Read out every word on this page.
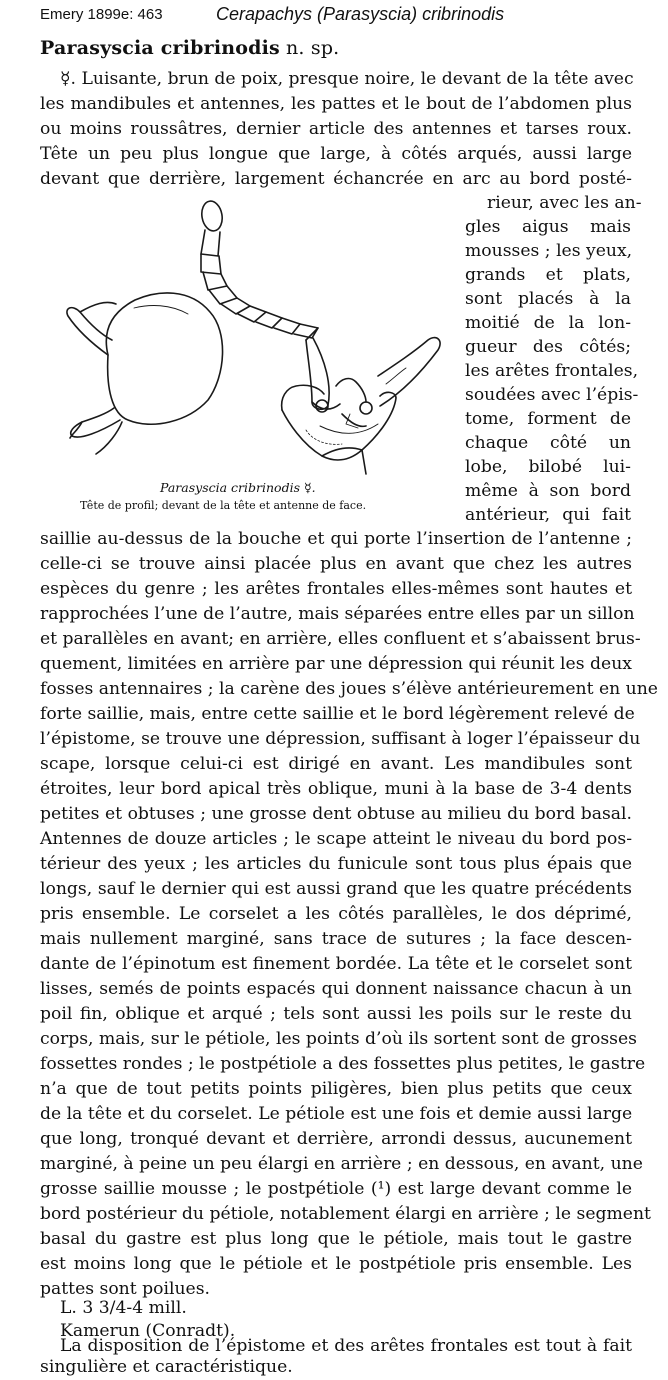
Emery 1899e: 463	Cerapachys (Parasyscia) cribrinodis
Parasyscia cribrinodis n. sp.
☿. Luisante, brun de poix, presque noire, le devant de la tête avec
les mandibules et antennes, les pattes et le bout de l’abdomen plus
ou moins roussâtres, dernier article des antennes et tarses roux.
Tête un peu plus longue que large, à côtés arqués, aussi large
devant que derrière, largement échancrée en arc au bord posté-
rieur, avec les an-
gles aigus mais
mousses ; les yeux,
grands et plats,
sont placés à la
moitié de la lon-
gueur des côtés;
les arêtes frontales,
soudées avec l’épis-
tome, forment de
chaque côté un
lobe, bilobé lui-
même à son bord
antérieur, qui fait
Parasyscia cribrinodis ☿.
Tête de profil; devant de la tête et antenne de face.
saillie au-dessus de la bouche et qui porte l’insertion de l’antenne ;
celle-ci se trouve ainsi placée plus en avant que chez les autres
espèces du genre ; les arêtes frontales elles-mêmes sont hautes et
rapprochées l’une de l’autre, mais séparées entre elles par un sillon
et parallèles en avant; en arrière, elles confluent et s’abaissent brus-
quement, limitées en arrière par une dépression qui réunit les deux
fosses antennaires ; la carène des joues s’élève antérieurement en une
forte saillie, mais, entre cette saillie et le bord légèrement relevé de
l’épistome, se trouve une dépression, suffisant à loger l’épaisseur du
scape, lorsque celui-ci est dirigé en avant. Les mandibules sont
étroites, leur bord apical très oblique, muni à la base de 3-4 dents
petites et obtuses ; une grosse dent obtuse au milieu du bord basal.
Antennes de douze articles ; le scape atteint le niveau du bord pos-
térieur des yeux ; les articles du funicule sont tous plus épais que
longs, sauf le dernier qui est aussi grand que les quatre précédents
pris ensemble. Le corselet a les côtés parallèles, le dos déprimé,
mais nullement marginé, sans trace de sutures ; la face descen-
dante de l’épinotum est finement bordée. La tête et le corselet sont
lisses, semés de points espacés qui donnent naissance chacun à un
poil fin, oblique et arqué ; tels sont aussi les poils sur le reste du
corps, mais, sur le pétiole, les points d’où ils sortent sont de grosses
fossettes rondes ; le postpétiole a des fossettes plus petites, le gastre
n’a que de tout petits points piligères, bien plus petits que ceux
de la tête et du corselet. Le pétiole est une fois et demie aussi large
que long, tronqué devant et derrière, arrondi dessus, aucunement
marginé, à peine un peu élargi en arrière ; en dessous, en avant, une
grosse saillie mousse ; le postpétiole (¹) est large devant comme le
bord postérieur du pétiole, notablement élargi en arrière ; le segment
basal du gastre est plus long que le pétiole, mais tout le gastre
est moins long que le pétiole et le postpétiole pris ensemble. Les
pattes sont poilues.
L. 3 3/4-4 mill.
Kamerun (Conradt).
La disposition de l’épistome et des arêtes frontales est tout à fait
singulière et caractéristique.
